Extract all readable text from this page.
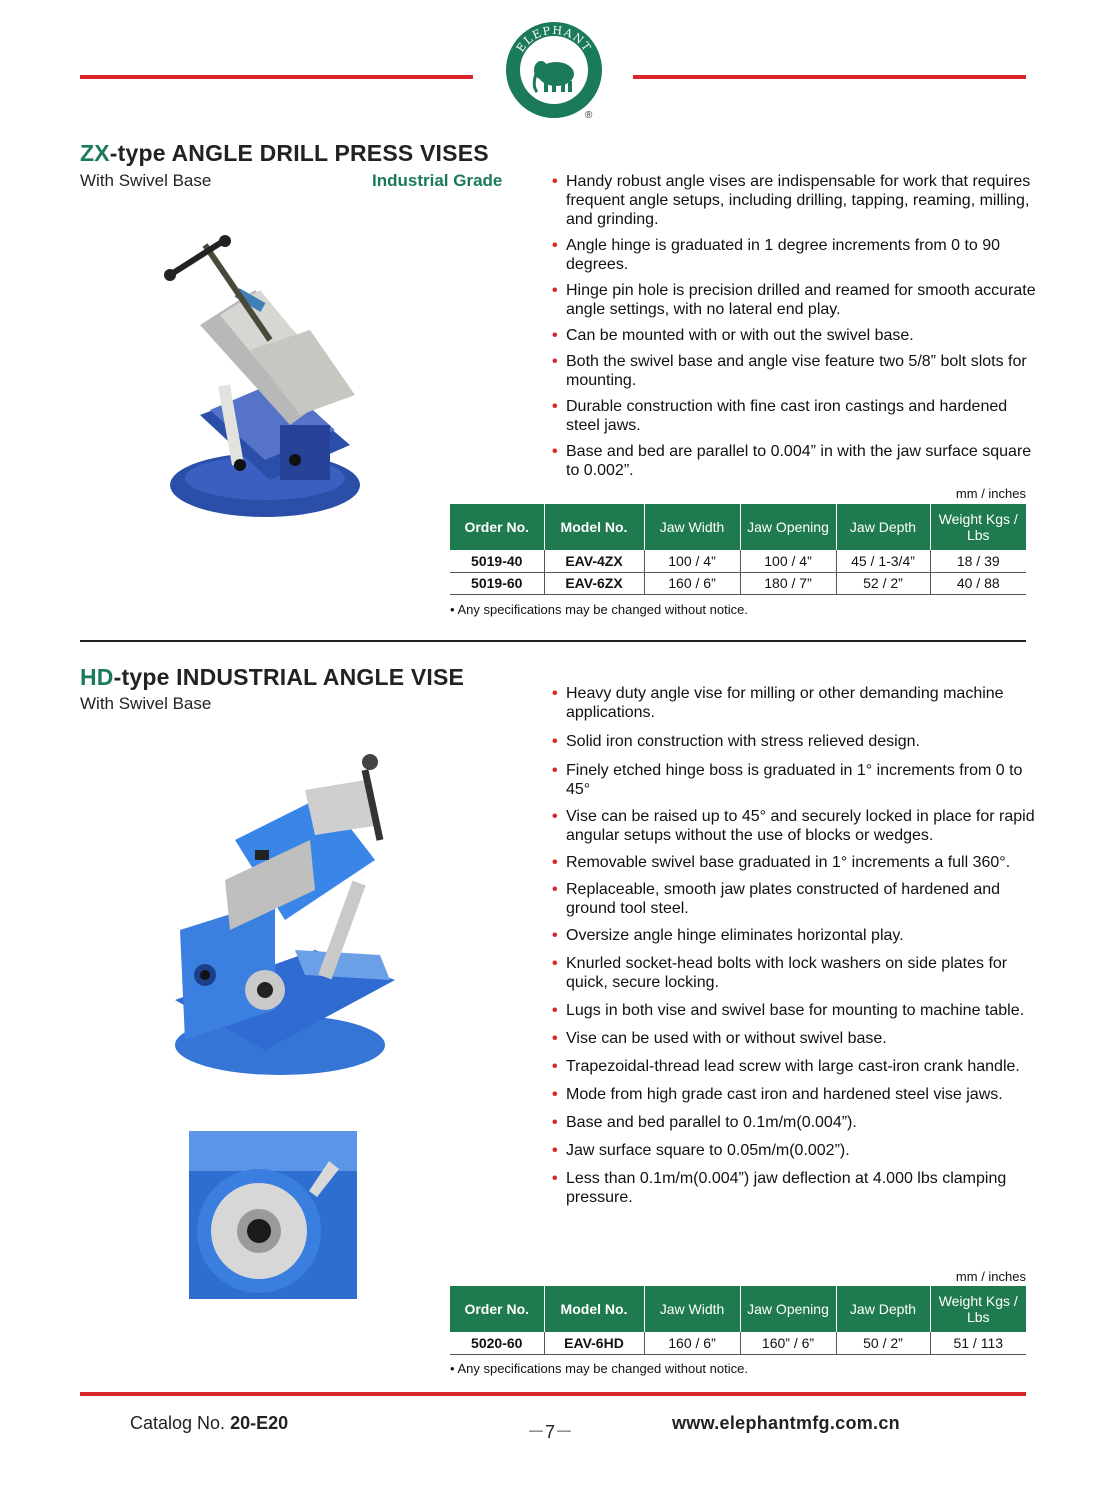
ELEPHANT
®
ZX-type ANGLE DRILL PRESS VISES
With Swivel Base	Industrial Grade	• Handy robust angle vises are indispensable for work that requires frequent angle setups, including drilling, tapping, reaming, milling, and grinding.
• Angle hinge is graduated in 1 degree increments from 0 to 90 degrees.
• Hinge pin hole is precision drilled and reamed for smooth accurate angle settings, with no lateral end play.
• Can be mounted with or with out the swivel base.
• Both the swivel base and angle vise feature two 5/8” bolt slots for mounting.
• Durable construction with fine cast iron castings and hardened steel jaws.
• Base and bed are parallel to 0.004” in with the jaw surface square to 0.002”.
mm / inches
Order No.	Model No.	Jaw Width	Jaw Opening	Jaw Depth	Weight Kgs / Lbs
5019-40	EAV-4ZX	100 / 4”	100 / 4”	45 / 1-3/4”	18 / 39
5019-60	EAV-6ZX	160 / 6”	180 / 7”	52 / 2”	40 / 88
• Any specifications may be changed without notice.
HD-type INDUSTRIAL ANGLE VISE
With Swivel Base
• Heavy duty angle vise for milling or other demanding machine applications.
• Solid iron construction with stress relieved design.
• Finely etched hinge boss is graduated in 1° increments from 0 to 45°
• Vise can be raised up to 45° and securely locked in place for rapid angular setups without the use of blocks or wedges.
• Removable swivel base graduated in 1° increments a full 360°.
• Replaceable, smooth jaw plates constructed of hardened and ground tool steel.
• Oversize angle hinge eliminates horizontal play.
• Knurled socket-head bolts with lock washers on side plates for quick, secure locking.
• Lugs in both vise and swivel base for mounting to machine table.
• Vise can be used with or without swivel base.
• Trapezoidal-thread lead screw with large cast-iron crank handle.
• Mode from high grade cast iron and hardened steel vise jaws.
• Base and bed parallel to 0.1m/m(0.004”).
• Jaw surface square to 0.05m/m(0.002”).
• Less than 0.1m/m(0.004”) jaw deflection at 4.000 lbs clamping pressure.
mm / inches
Order No.	Model No.	Jaw Width	Jaw Opening	Jaw Depth	Weight Kgs / Lbs
5020-60	EAV-6HD	160 / 6”	160” / 6”	50 / 2”	51 / 113
• Any specifications may be changed without notice.
Catalog No. 20-E20	－7－	www.elephantmfg.com.cn
